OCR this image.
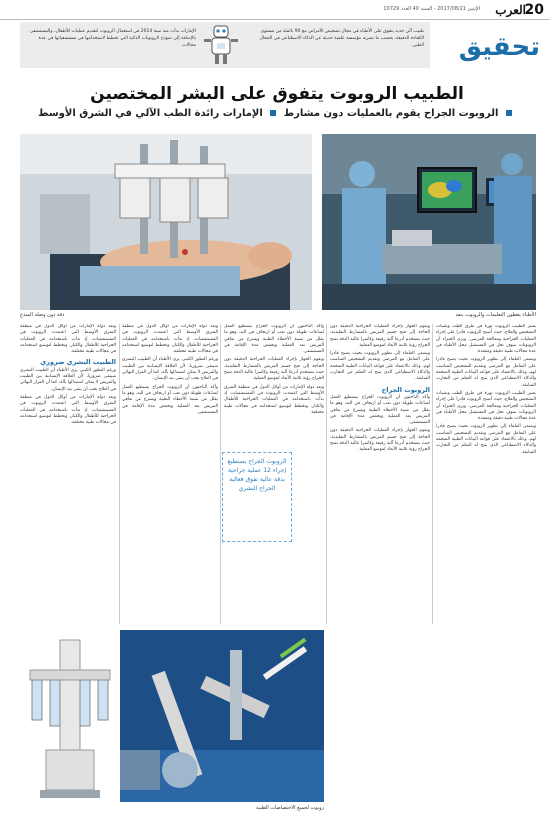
20
العرب
الإثنين 2017/08/21 - السنة 40 العدد 10729
طبيب آلي جديد يتفوق على الأطباء في مجال تشخيص الأمراض مع 90 بالمئة من مستوى الكفاءة الدقيقة، بحسب ما نشرته مؤسسة علمية حديثة عن الذكاء الاصطناعي في المجال الطبي.
الإمارات بدأت منذ سنة 2014 في استعمال الروبوت لتقديم عمليات للأطفال، والمستشفى بالإضافة إلى نموذج الروبوتات الذكية التي تخطط لاستخدامها في مستشفياتها في عدة مجالات.	تحقيق
الطبيب الروبوت يتفوق على البشر المختصين
الروبوت الجراح يقوم بالعمليات دون مشارط  الإمارات رائدة الطب الآلي في الشرق الأوسط
الأطباء يعطون التعليمات والروبوت ينفذ
دقة دون وصلة المبدع

يعتبر الطبيب الروبوت ثورة في طرق الطب وتقنيات التشخيص والعلاج، حيث أصبح الروبوت قادرا على إجراء العمليات الجراحية ومعالجة المرضى، ويرى الخبراء أن الروبوتات سوف تحل في المستقبل محل الأطباء في عدة مجالات طبية دقيقة ومعقدة.

ويسعى العلماء إلى تطوير الروبوت بحيث يصبح قادرا على التعامل مع المرضى وتقديم التشخيص المناسب لهم، وذلك بالاعتماد على قواعد البيانات الطبية الضخمة والذكاء الاصطناعي الذي يتيح له التعلم من التجارب السابقة.

يعتبر الطبيب الروبوت ثورة في طرق الطب وتقنيات التشخيص والعلاج، حيث أصبح الروبوت قادرا على إجراء العمليات الجراحية ومعالجة المرضى، ويرى الخبراء أن الروبوتات سوف تحل في المستقبل محل الأطباء في عدة مجالات طبية دقيقة ومعقدة.

ويسعى العلماء إلى تطوير الروبوت بحيث يصبح قادرا على التعامل مع المرضى وتقديم التشخيص المناسب لهم، وذلك بالاعتماد على قواعد البيانات الطبية الضخمة والذكاء الاصطناعي الذي يتيح له التعلم من التجارب السابقة.

ويقوم الجهاز بإجراء العمليات الجراحية الدقيقة دون الحاجة إلى فتح جسم المريض بالمشارط التقليدية، حيث يستخدم أذرعا آلية رفيعة وكاميرا عالية الدقة تمنح الجراح رؤية ثلاثية الأبعاد لموضع العملية.

ويسعى العلماء إلى تطوير الروبوت بحيث يصبح قادرا على التعامل مع المرضى وتقديم التشخيص المناسب لهم، وذلك بالاعتماد على قواعد البيانات الطبية الضخمة والذكاء الاصطناعي الذي يتيح له التعلم من التجارب السابقة.

الروبوت الجراح

وأكد الباحثون أن الروبوت الجراح يستطيع العمل لساعات طويلة دون تعب أو ارتجاف في اليد، وهو ما يقلل من نسبة الأخطاء الطبية ويسرع من تعافي المريض بعد العملية ويخفض مدة الإقامة في المستشفى.

ويقوم الجهاز بإجراء العمليات الجراحية الدقيقة دون الحاجة إلى فتح جسم المريض بالمشارط التقليدية، حيث يستخدم أذرعا آلية رفيعة وكاميرا عالية الدقة تمنح الجراح رؤية ثلاثية الأبعاد لموضع العملية.

وأكد الباحثون أن الروبوت الجراح يستطيع العمل لساعات طويلة دون تعب أو ارتجاف في اليد، وهو ما يقلل من نسبة الأخطاء الطبية ويسرع من تعافي المريض بعد العملية ويخفض مدة الإقامة في المستشفى.

ويقوم الجهاز بإجراء العمليات الجراحية الدقيقة دون الحاجة إلى فتح جسم المريض بالمشارط التقليدية، حيث يستخدم أذرعا آلية رفيعة وكاميرا عالية الدقة تمنح الجراح رؤية ثلاثية الأبعاد لموضع العملية.

وتعد دولة الإمارات من أوائل الدول في منطقة الشرق الأوسط التي اعتمدت الروبوت في المستشفيات، إذ بدأت باستخدامه في العمليات الجراحية للأطفال والكبار، وتخطط لتوسيع استخدامه في مجالات طبية مختلفة.

الروبوت الجراح يستطيع إجراء 12 عملية جراحية بدقة عالية تفوق فعالية الجراح البشري

وتعد دولة الإمارات من أوائل الدول في منطقة الشرق الأوسط التي اعتمدت الروبوت في المستشفيات، إذ بدأت باستخدامه في العمليات الجراحية للأطفال والكبار، وتخطط لتوسيع استخدامه في مجالات طبية مختلفة.

ورغم التطور الكبير، يرى الأطباء أن الطبيب البشري سيبقى ضروريا، لأن العلاقة الإنسانية بين الطبيب والمريض لا يمكن استبدالها بآلة، كما أن القرار النهائي في العلاج يجب أن يبقى بيد الإنسان.

وأكد الباحثون أن الروبوت الجراح يستطيع العمل لساعات طويلة دون تعب أو ارتجاف في اليد، وهو ما يقلل من نسبة الأخطاء الطبية ويسرع من تعافي المريض بعد العملية ويخفض مدة الإقامة في المستشفى.

وتعد دولة الإمارات من أوائل الدول في منطقة الشرق الأوسط التي اعتمدت الروبوت في المستشفيات، إذ بدأت باستخدامه في العمليات الجراحية للأطفال والكبار، وتخطط لتوسيع استخدامه في مجالات طبية مختلفة.

الطبيب البشري ضروري

ورغم التطور الكبير، يرى الأطباء أن الطبيب البشري سيبقى ضروريا، لأن العلاقة الإنسانية بين الطبيب والمريض لا يمكن استبدالها بآلة، كما أن القرار النهائي في العلاج يجب أن يبقى بيد الإنسان.

وتعد دولة الإمارات من أوائل الدول في منطقة الشرق الأوسط التي اعتمدت الروبوت في المستشفيات، إذ بدأت باستخدامه في العمليات الجراحية للأطفال والكبار، وتخطط لتوسيع استخدامه في مجالات طبية مختلفة.

روبوت لجميع الاختصاصات الطبية
